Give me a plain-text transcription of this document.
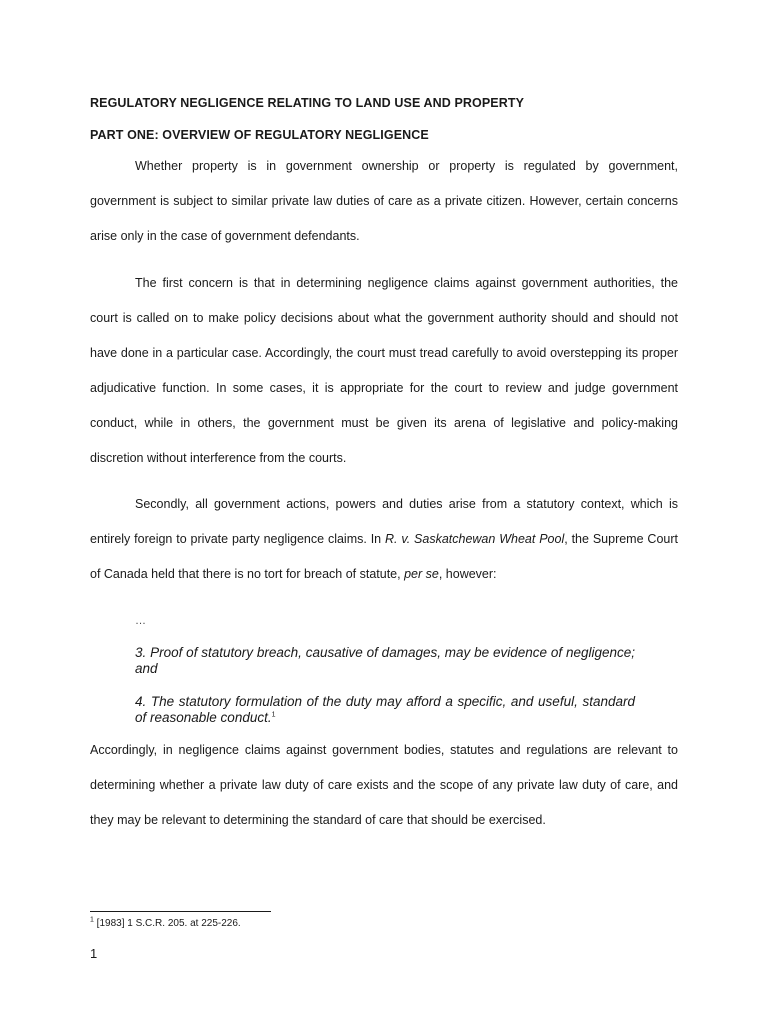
REGULATORY NEGLIGENCE RELATING TO LAND USE AND PROPERTY
PART ONE: OVERVIEW OF REGULATORY NEGLIGENCE

Whether property is in government ownership or property is regulated by government, government is subject to similar private law duties of care as a private citizen. However, certain concerns arise only in the case of government defendants.

The first concern is that in determining negligence claims against government authorities, the court is called on to make policy decisions about what the government authority should and should not have done in a particular case. Accordingly, the court must tread carefully to avoid overstepping its proper adjudicative function. In some cases, it is appropriate for the court to review and judge government conduct, while in others, the government must be given its arena of legislative and policy-making discretion without interference from the courts.

Secondly, all government actions, powers and duties arise from a statutory context, which is entirely foreign to private party negligence claims. In R. v. Saskatchewan Wheat Pool, the Supreme Court of Canada held that there is no tort for breach of statute, per se, however:

…

3. Proof of statutory breach, causative of damages, may be evidence of negligence; and

4. The statutory formulation of the duty may afford a specific, and useful, standard of reasonable conduct.$^1$

Accordingly, in negligence claims against government bodies, statutes and regulations are relevant to determining whether a private law duty of care exists and the scope of any private law duty of care, and they may be relevant to determining the standard of care that should be exercised.

$^1$ [1983] 1 S.C.R. 205. at 225-226.
1
